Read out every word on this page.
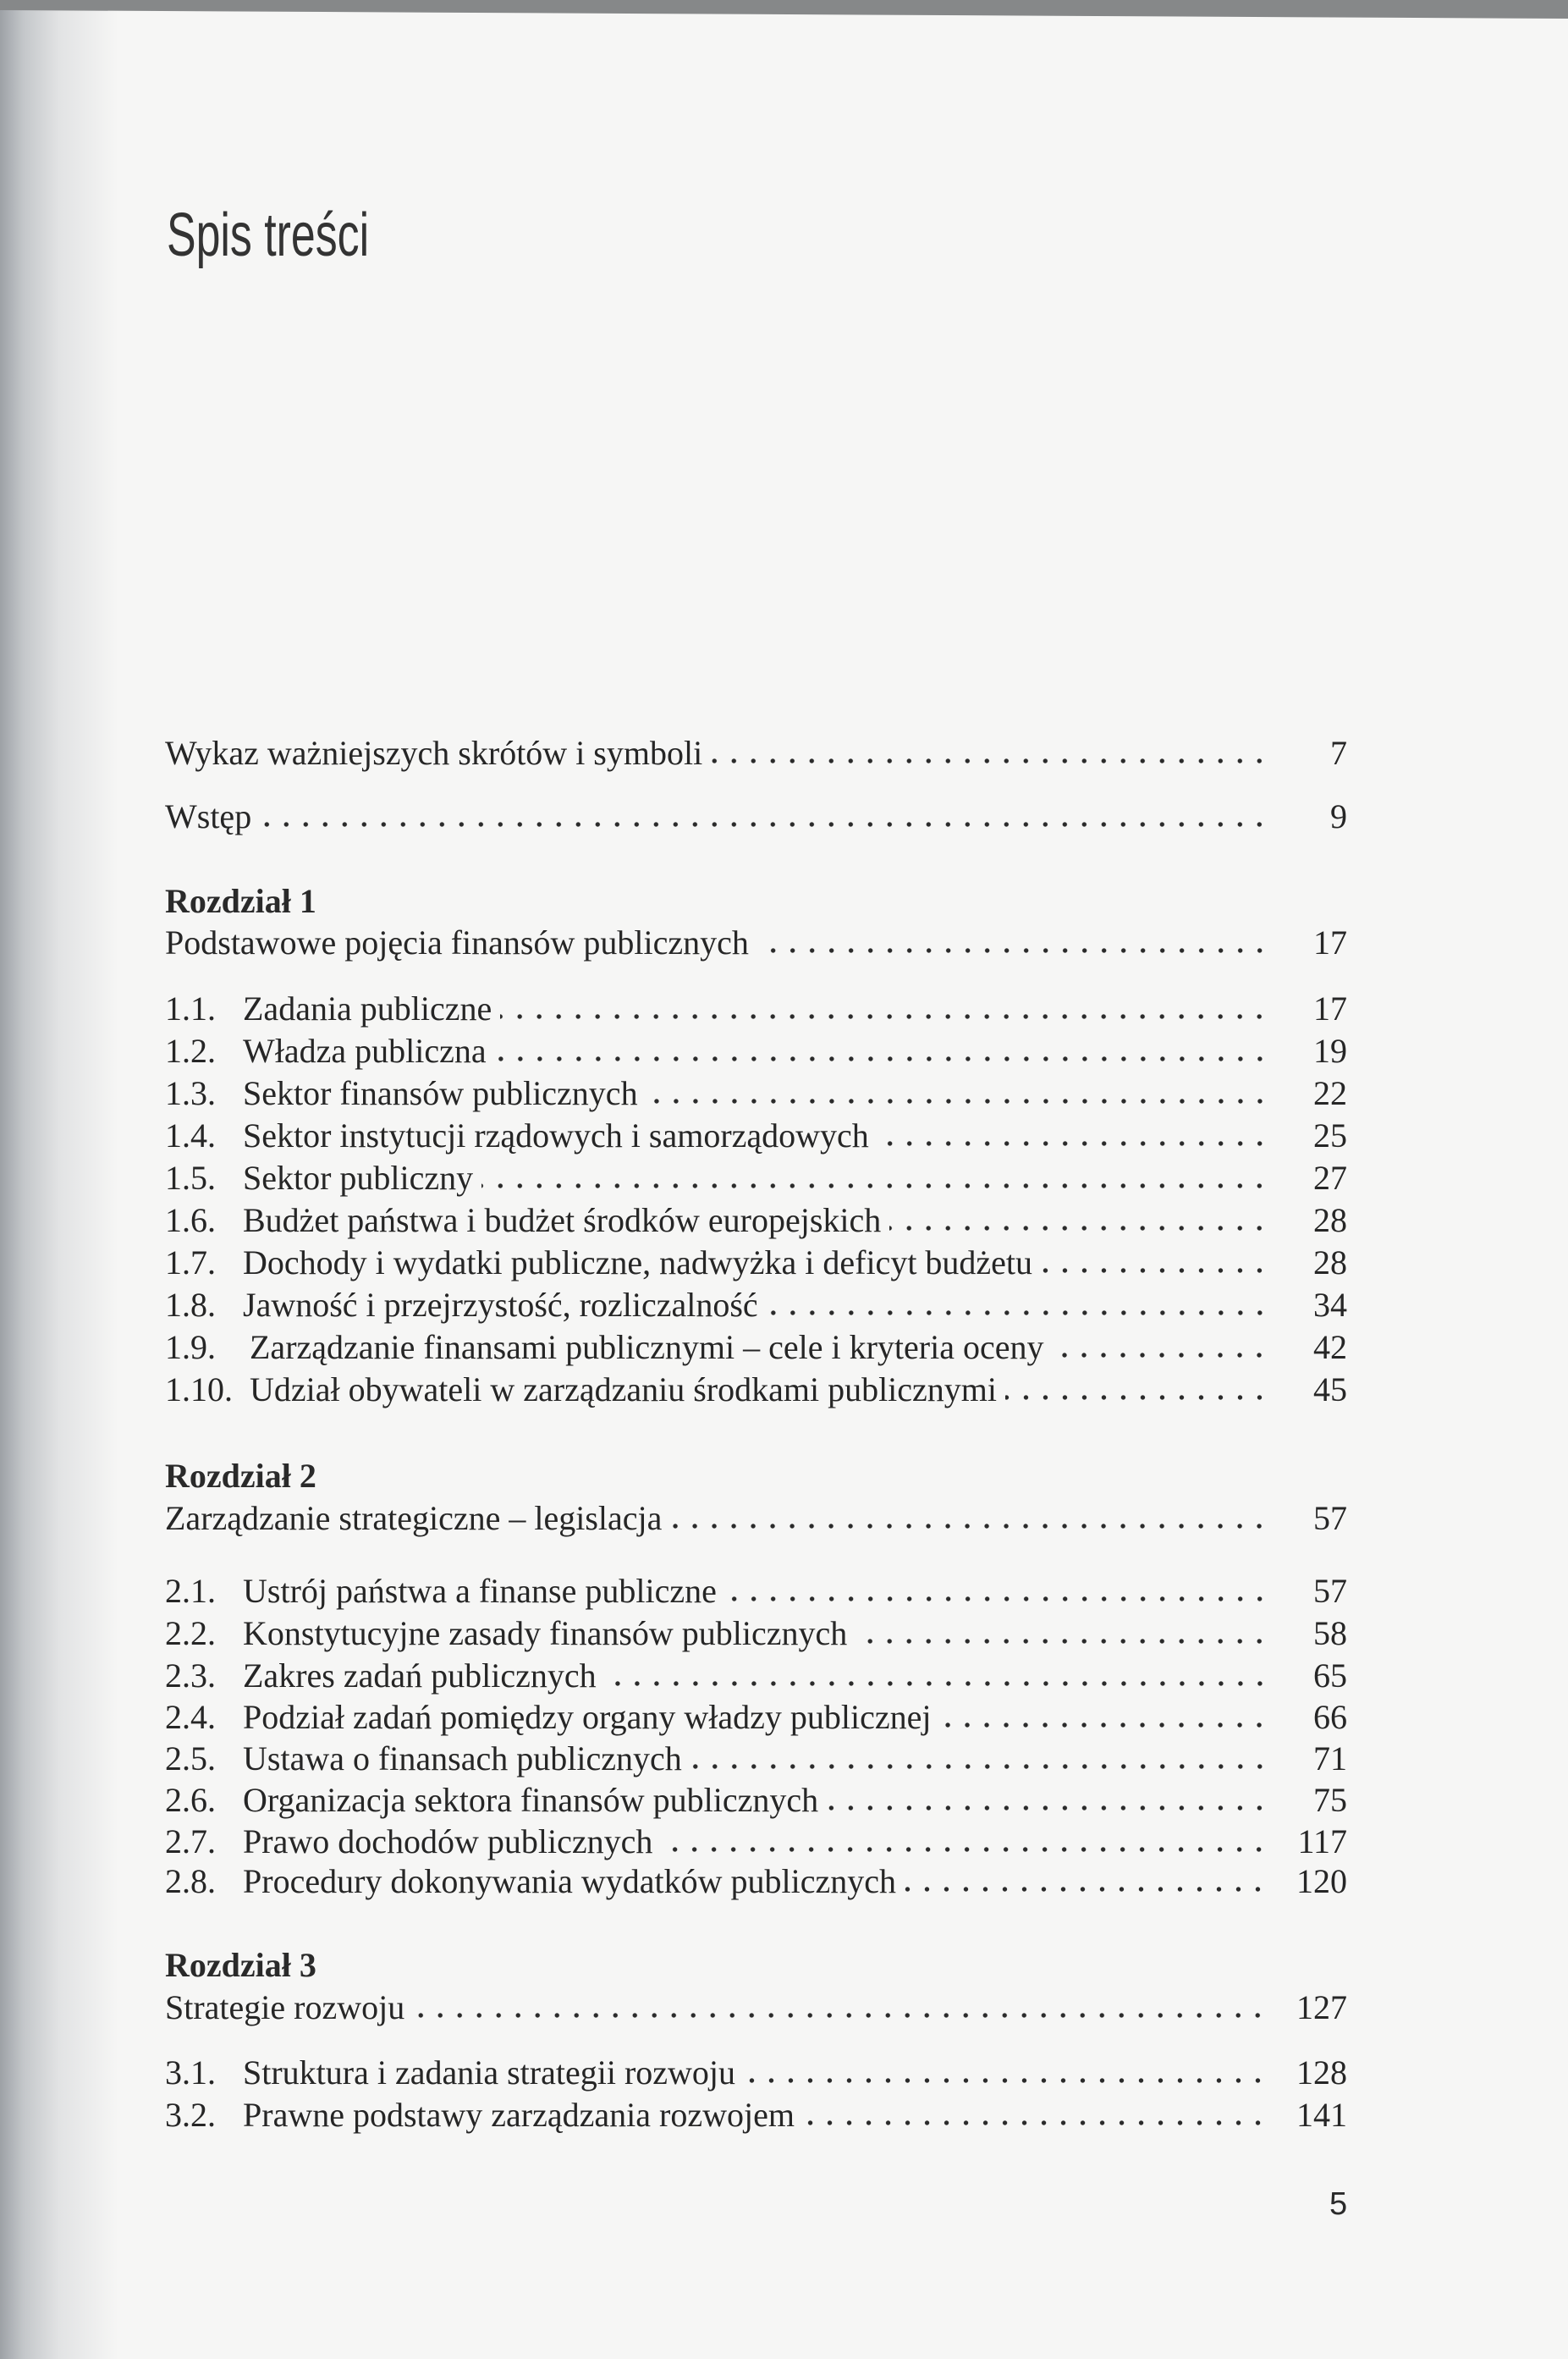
Spis treści
Wykaz ważniejszych skrótów i symboli	7
Wstęp	9
Rozdział 1
Podstawowe pojęcia finansów publicznych	17
1.1. Zadania publiczne	17
1.2. Władza publiczna	19
1.3. Sektor finansów publicznych	22
1.4. Sektor instytucji rządowych i samorządowych	25
1.5. Sektor publiczny	27
1.6. Budżet państwa i budżet środków europejskich	28
1.7. Dochody i wydatki publiczne, nadwyżka i deficyt budżetu	28
1.8. Jawność i przejrzystość, rozliczalność	34
1.9.	Zarządzanie finansami publicznymi – cele i kryteria oceny	42
1.10. Udział obywateli w zarządzaniu środkami publicznymi	45
Rozdział 2
Zarządzanie strategiczne – legislacja	57
2.1. Ustrój państwa a finanse publiczne	57
2.2. Konstytucyjne zasady finansów publicznych	58
2.3. Zakres zadań publicznych	65
2.4. Podział zadań pomiędzy organy władzy publicznej	66
2.5. Ustawa o finansach publicznych	71
2.6. Organizacja sektora finansów publicznych	75
2.7. Prawo dochodów publicznych	117
2.8. Procedury dokonywania wydatków publicznych	120
Rozdział 3
Strategie rozwoju	127
3.1. Struktura i zadania strategii rozwoju	128
3.2. Prawne podstawy zarządzania rozwojem	141
5
